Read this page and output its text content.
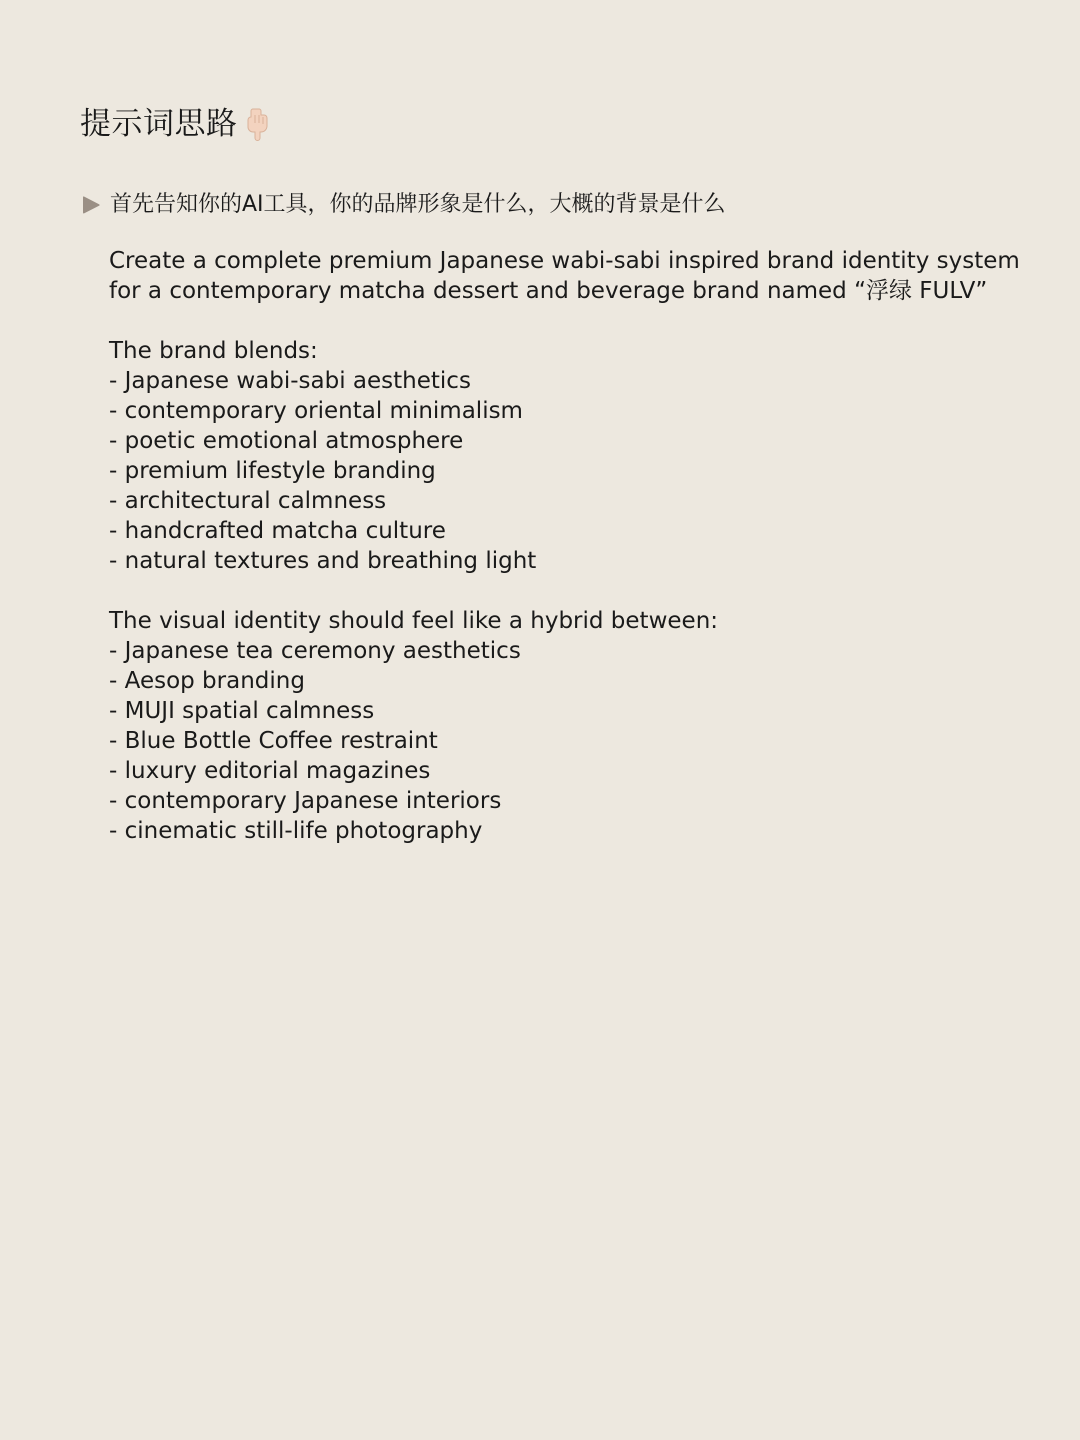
提示词思路
首先告知你的AI工具，你的品牌形象是什么，大概的背景是什么
Create a complete premium Japanese wabi-sabi inspired brand identity system
for a contemporary matcha dessert and beverage brand named “浮绿 FULV”
The brand blends:
- Japanese wabi-sabi aesthetics
- contemporary oriental minimalism
- poetic emotional atmosphere
- premium lifestyle branding
- architectural calmness
- handcrafted matcha culture
- natural textures and breathing light
The visual identity should feel like a hybrid between:
- Japanese tea ceremony aesthetics
- Aesop branding
- MUJI spatial calmness
- Blue Bottle Coffee restraint
- luxury editorial magazines
- contemporary Japanese interiors
- cinematic still-life photography
